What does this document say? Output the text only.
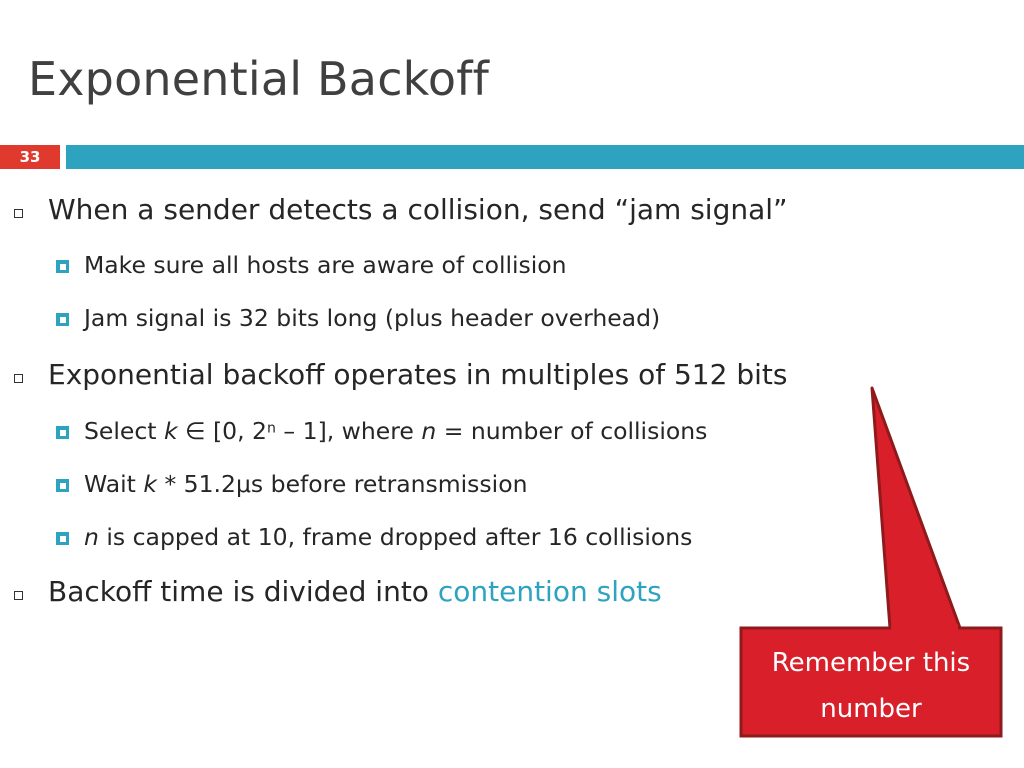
Exponential Backoff
33
When a sender detects a collision, send “jam signal”
Make sure all hosts are aware of collision
Jam signal is 32 bits long (plus header overhead)
Exponential backoff operates in multiples of 512 bits
Select k ∈ [0, 2$^n$ – 1], where n = number of collisions
Wait k * 51.2μs before retransmission
n is capped at 10, frame dropped after 16 collisions
Backoff time is divided into contention slots
Remember this
number
